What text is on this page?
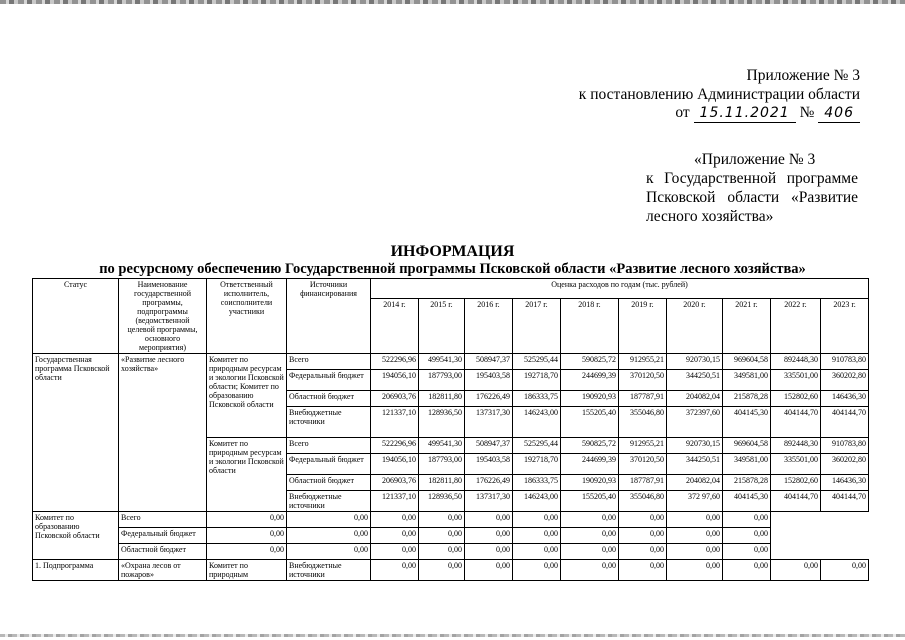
Приложение № 3
к постановлению Администрации области
от 15.11.2021 № 406
«Приложение № 3
к Государственной программе
Псковской области «Развитие
лесного хозяйства»
ИНФОРМАЦИЯ
по ресурсному обеспечению Государственной программы Псковской области «Развитие лесного хозяйства»
Статус	Наименование государственной программы, подпрограммы (ведомственной целевой программы, основного мероприятия)	Ответственный исполнитель, соисполнители участники	Источники финансирования	Оценка расходов по годам (тыс. рублей)									
				2014 г.	2015 г.	2016 г.	2017 г.	2018 г.	2019 г.	2020 г.	2021 г.	2022 г.	2023 г.
Государственная программа Псковской области	«Развитие лесного хозяйства»	Комитет по природным ресурсам и экологии Псковской области; Комитет по образованию Псковской области	Всего	522296,96	499541,30	508947,37	525295,44	590825,72	912955,21	920730,15	969604,58	892448,30	910783,80
			Федеральный бюджет	194056,10	187793,00	195403,58	192718,70	244699,39	370120,50	344250,51	349581,00	335501,00	360202,80
			Областной бюджет	206903,76	182811,80	176226,49	186333,75	190920,93	187787,91	204082,04	215878,28	152802,60	146436,30
			Внебюджетные источники	121337,10	128936,50	137317,30	146243,00	155205,40	355046,80	372397,60	404145,30	404144,70	404144,70
		Комитет по природным ресурсам и экологии Псковской области	Всего	522296,96	499541,30	508947,37	525295,44	590825,72	912955,21	920730,15	969604,58	892448,30	910783,80
			Федеральный бюджет	194056,10	187793,00	195403,58	192718,70	244699,39	370120,50	344250,51	349581,00	335501,00	360202,80
			Областной бюджет	206903,76	182811,80	176226,49	186333,75	190920,93	187787,91	204082,04	215878,28	152802,60	146436,30
			Внебюджетные источники	121337,10	128936,50	137317,30	146243,00	155205,40	355046,80	372 97,60	404145,30	404144,70	404144,70
Комитет по образованию Псковской области	Всего	0,00	0,00	0,00	0,00	0,00	0,00	0,00	0,00	0,00	0,00		
	Федеральный бюджет	0,00	0,00	0,00	0,00	0,00	0,00	0,00	0,00	0,00	0,00		
	Областной бюджет	0,00	0,00	0,00	0,00	0,00	0,00	0,00	0,00	0,00	0,00		
1. Подпрограмма	«Охрана лесов от пожаров»	Комитет по природным	Внебюджетные источники	0,00	0,00	0,00	0,00	0,00	0,00	0,00	0,00	0,00	0,00
